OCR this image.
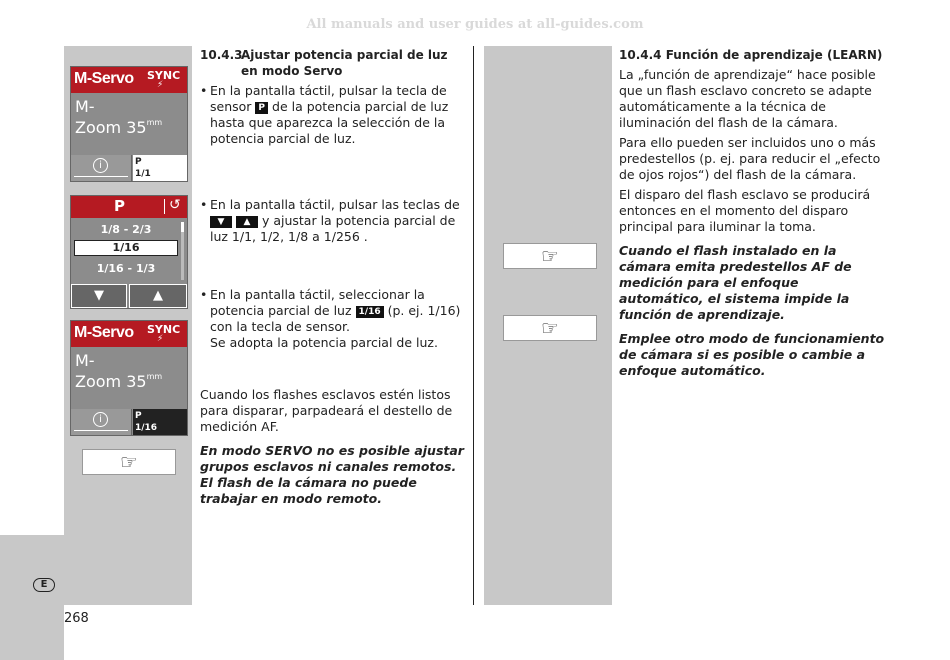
All manuals and user guides at all-guides.com
E
268
M-Servo SYNC
⚡
M-
Zoom $35^{mm}$
i	P
1/1
P	↺
1/8 - 2/3
1/16
1/16 - 1/3
▼	▲
M-Servo SYNC
⚡
M-
Zoom $35^{mm}$
i	P
1/16
☞
10.4.3
Ajustar potencia parcial de luz en modo Servo
• En la pantalla táctil, pulsar la tecla de sensor P de la potencia parcial de luz hasta que aparezca la selección de la potencia parcial de luz.
• En la pantalla táctil, pulsar las teclas de
▼ ▲ y ajustar la potencia parcial de luz 1/1, 1/2, 1/8 a 1/256 .
• En la pantalla táctil, seleccionar la potencia parcial de luz 1/16 (p. ej. 1/16) con la tecla de sensor.
Se adopta la potencia parcial de luz.

Cuando los flashes esclavos estén listos para disparar, parpadeará el destello de medición AF.

En modo SERVO no es posible ajustar grupos esclavos ni canales remotos. El flash de la cámara no puede trabajar en modo remoto.

☞
☞
10.4.4 Función de aprendizaje (LEARN)

La „función de aprendizaje“ hace posible que un flash esclavo concreto se adapte automáticamente a la técnica de iluminación del flash de la cámara.

Para ello pueden ser incluidos uno o más predestellos (p. ej. para reducir el „efecto de ojos rojos“) del flash de la cámara.

El disparo del flash esclavo se producirá entonces en el momento del disparo principal para iluminar la toma.

Cuando el flash instalado en la cámara emita predestellos AF de medición para el enfoque automático, el sistema impide la función de aprendizaje.

Emplee otro modo de funcionamiento de cámara si es posible o cambie a enfoque automático.
